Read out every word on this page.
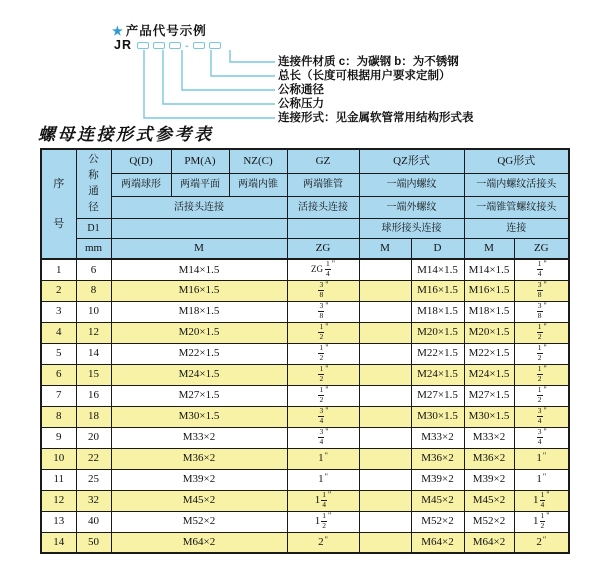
★ 产品代号示例
JR	-
连接件材质 c：为碳钢 b：为不锈钢
总长（长度可根据用户要求定制）
公称通径
公称压力
连接形式：见金属软管常用结构形式表
螺母连接形式参考表
序
号

公
称
通
径
	Q(D)	PM(A)	NZ(C)	GZ	QZ形式	QG形式
		两端球形	两端平面	两端内锥	两端锥管	一端内螺纹		一端内螺纹活接头	
		活接头连接			活接头连接	一端外螺纹		一端锥管螺纹接头	
	D1					球形接头连接		连接	
	mm	M			ZG	M	D	M	ZG
1	6	M14×1.5			ZG $\frac{1}{4} ^"$		M14×1.5	M14×1.5	$\frac{1}{4} ^"$
2	8	M16×1.5			$\frac{3}{8} ^"$		M16×1.5	M16×1.5	$\frac{3}{8} ^"$
3	10	M18×1.5			$\frac{3}{8} ^"$		M18×1.5	M18×1.5	$\frac{3}{8} ^"$
4	12	M20×1.5			$\frac{1}{2} ^"$		M20×1.5	M20×1.5	$\frac{1}{2} ^"$
5	14	M22×1.5			$\frac{1}{2} ^"$		M22×1.5	M22×1.5	$\frac{1}{2} ^"$
6	15	M24×1.5			$\frac{1}{2} ^"$		M24×1.5	M24×1.5	$\frac{1}{2} ^"$
7	16	M27×1.5			$\frac{1}{2} ^"$		M27×1.5	M27×1.5	$\frac{1}{2} ^"$
8	18	M30×1.5			$\frac{3}{4} ^"$		M30×1.5	M30×1.5	$\frac{3}{4} ^"$
9	20	M33×2			$\frac{3}{4} ^"$		M33×2	M33×2	$\frac{3}{4} ^"$
10	22	M36×2			1"		M36×2	M36×2	1"
11	25	M39×2			1"		M39×2	M39×2	1"
12	32	M45×2			$1 \frac{1}{4} ^"$		M45×2	M45×2	$1 \frac{1}{4} ^"$
13	40	M52×2			$1 \frac{1}{2} ^"$		M52×2	M52×2	$1 \frac{1}{2} ^"$
14	50	M64×2			2"		M64×2	M64×2	2"
